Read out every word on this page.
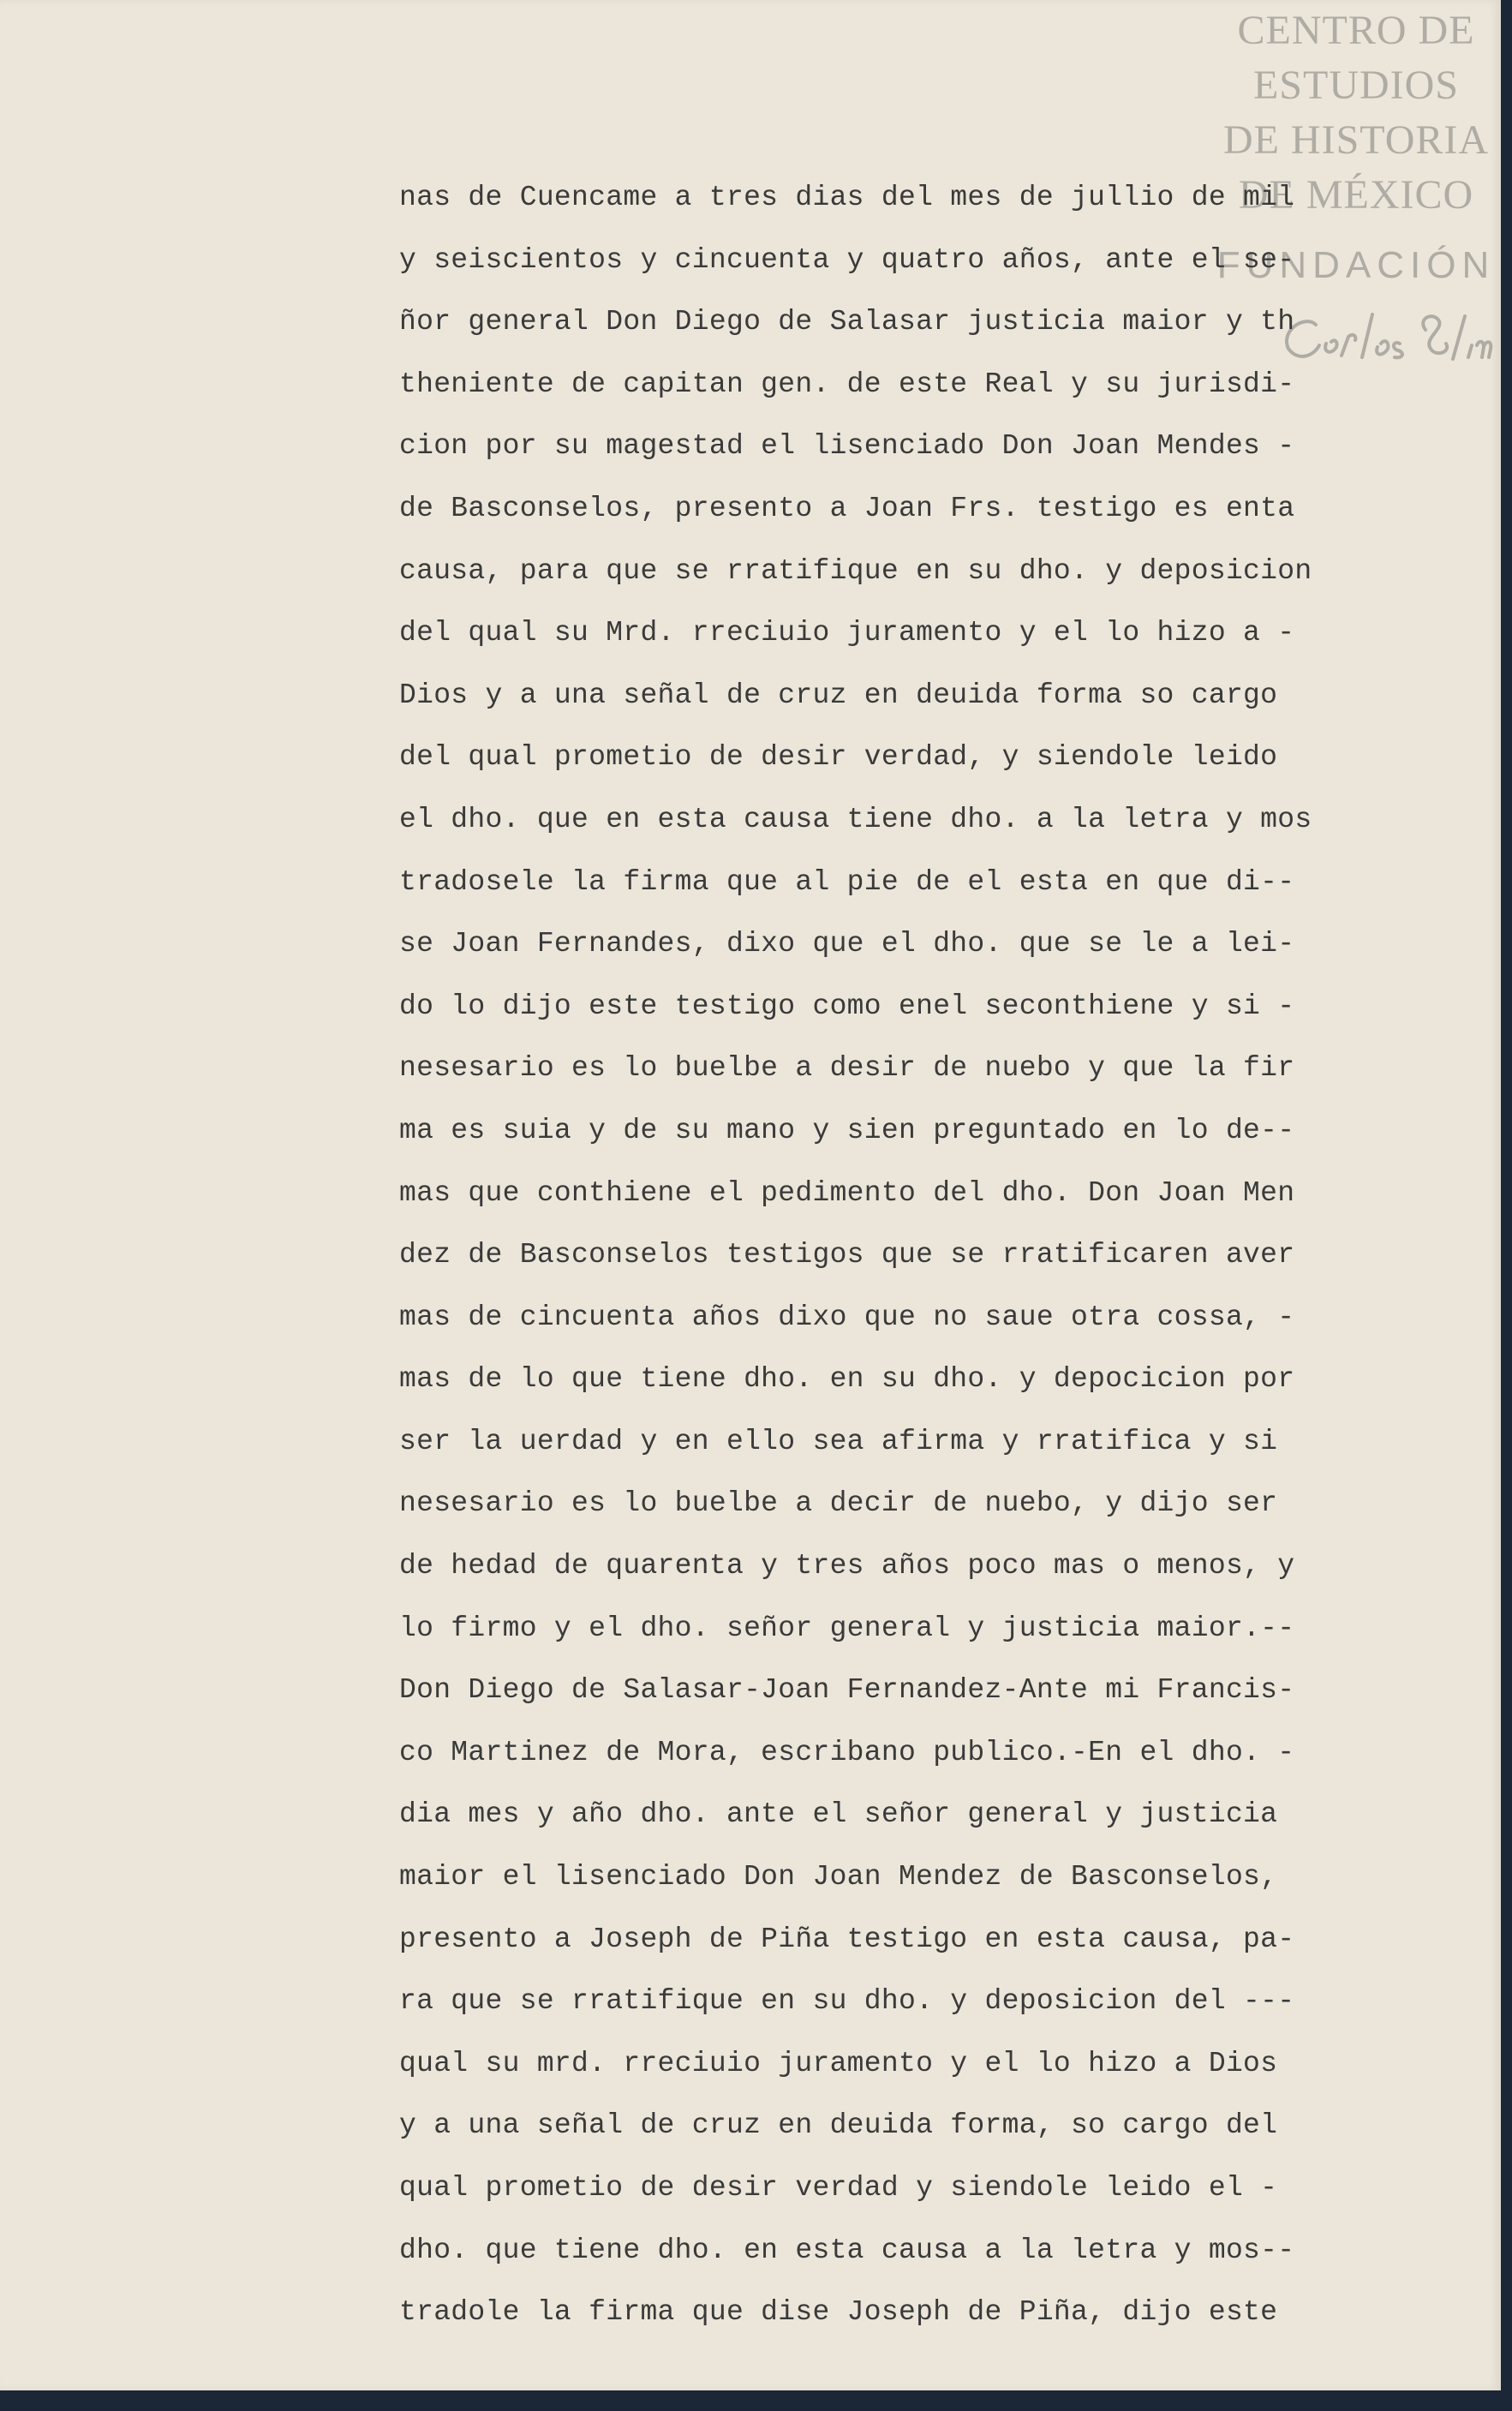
CENTRO DE
ESTUDIOS
DE HISTORIA
DE MÉXICO
FUNDACIÓN
nas de Cuencame a tres dias del mes de jullio de mil
y seiscientos y cincuenta y quatro años, ante el se-
ñor general Don Diego de Salasar justicia maior y th
theniente de capitan gen. de este Real y su jurisdi-
cion por su magestad el lisenciado Don Joan Mendes -
de Basconselos, presento a Joan Frs. testigo es enta
causa, para que se rratifique en su dho. y deposicion
del qual su Mrd. rreciuio juramento y el lo hizo a -
Dios y a una señal de cruz en deuida forma so cargo
del qual prometio de desir verdad, y siendole leido
el dho. que en esta causa tiene dho. a la letra y mos
tradosele la firma que al pie de el esta en que di--
se Joan Fernandes, dixo que el dho. que se le a lei-
do lo dijo este testigo como enel seconthiene y si -
nesesario es lo buelbe a desir de nuebo y que la fir
ma es suia y de su mano y sien preguntado en lo de--
mas que conthiene el pedimento del dho. Don Joan Men
dez de Basconselos testigos que se rratificaren aver
mas de cincuenta años dixo que no saue otra cossa, -
mas de lo que tiene dho. en su dho. y depocicion por
ser la uerdad y en ello sea afirma y rratifica y si
nesesario es lo buelbe a decir de nuebo, y dijo ser
de hedad de quarenta y tres años poco mas o menos, y
lo firmo y el dho. señor general y justicia maior.--
Don Diego de Salasar-Joan Fernandez-Ante mi Francis-
co Martinez de Mora, escribano publico.-En el dho. -
dia mes y año dho. ante el señor general y justicia
maior el lisenciado Don Joan Mendez de Basconselos,
presento a Joseph de Piña testigo en esta causa, pa-
ra que se rratifique en su dho. y deposicion del ---
qual su mrd. rreciuio juramento y el lo hizo a Dios
y a una señal de cruz en deuida forma, so cargo del
qual prometio de desir verdad y siendole leido el -
dho. que tiene dho. en esta causa a la letra y mos--
tradole la firma que dise Joseph de Piña, dijo este
